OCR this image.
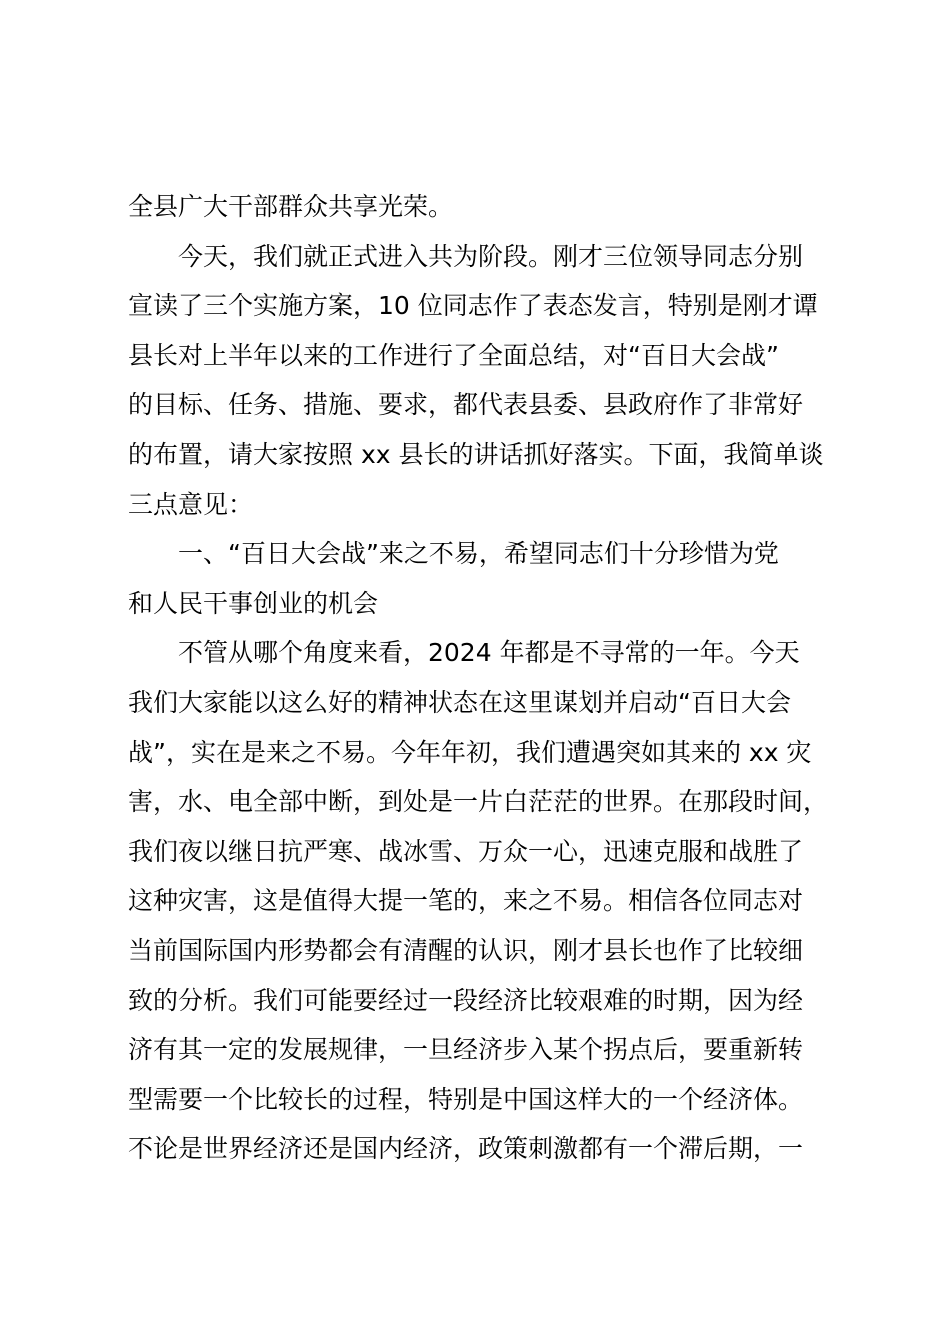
全县广大干部群众共享光荣。
今天，我们就正式进入共为阶段。刚才三位领导同志分别
宣读了三个实施方案，10 位同志作了表态发言，特别是刚才谭
县长对上半年以来的工作进行了全面总结，对“百日大会战”
的目标、任务、措施、要求，都代表县委、县政府作了非常好
的布置，请大家按照 xx 县长的讲话抓好落实。下面，我简单谈
三点意见：
一、“百日大会战”来之不易，希望同志们十分珍惜为党
和人民干事创业的机会
不管从哪个角度来看，2024 年都是不寻常的一年。今天
我们大家能以这么好的精神状态在这里谋划并启动“百日大会
战”，实在是来之不易。今年年初，我们遭遇突如其来的 xx 灾
害，水、电全部中断，到处是一片白茫茫的世界。在那段时间，
我们夜以继日抗严寒、战冰雪、万众一心，迅速克服和战胜了
这种灾害，这是值得大提一笔的，来之不易。相信各位同志对
当前国际国内形势都会有清醒的认识，刚才县长也作了比较细
致的分析。我们可能要经过一段经济比较艰难的时期，因为经
济有其一定的发展规律，一旦经济步入某个拐点后，要重新转
型需要一个比较长的过程，特别是中国这样大的一个经济体。
不论是世界经济还是国内经济，政策刺激都有一个滞后期，一
